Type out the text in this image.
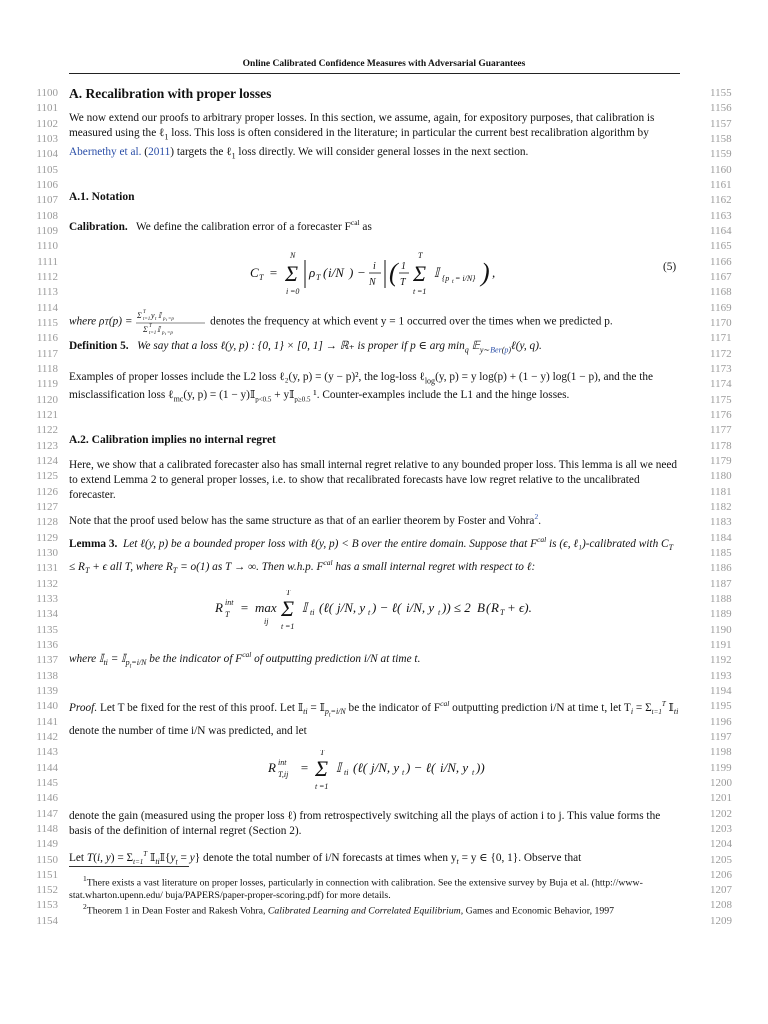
Online Calibrated Confidence Measures with Adversarial Guarantees
1100
1101
1102
1103
1104
1105
1106
1107
1108
1109
1110
1111
1112
1113
1114
1115
1116
1117
1118
1119
1120
1121
1122
1123
1124
1125
1126
1127
1128
1129
1130
1131
1132
1133
1134
1135
1136
1137
1138
1139
1140
1141
1142
1143
1144
1145
1146
1147
1148
1149
1150
1151
1152
1153
1154
1155
1156
1157
1158
1159
1160
1161
1162
1163
1164
1165
1166
1167
1168
1169
1170
1171
1172
1173
1174
1175
1176
1177
1178
1179
1180
1181
1182
1183
1184
1185
1186
1187
1188
1189
1190
1191
1192
1193
1194
1195
1196
1197
1198
1199
1200
1201
1202
1203
1204
1205
1206
1207
1208
1209
A. Recalibration with proper losses
We now extend our proofs to arbitrary proper losses. In this section, we assume, again, for expository purposes, that calibration is measured using the ℓ$_1$ loss. This loss is often considered in the literature; in particular the current best recalibration algorithm by Abernethy et al. (2011) targets the ℓ$_1$ loss directly. We will consider general losses in the next section.
A.1. Notation
Calibration. We define the calibration error of a forecaster $F^{cal}$ as
C T = Σ
N
i =0
ρ T ( i/N ) − i
N ( 1
T Σ
T
t =1
𝕀 {p t = i/N} ) ,	(5)
where ρT(p) =
Σ T
t=1 y t 𝕀 p t =p
Σ T
t=1 𝕀 p t =p
denotes the frequency at which event y = 1 occurred over the times when we predicted p.
Definition 5. We say that a loss ℓ(y, p) : {0, 1} × [0, 1] → ℝ₊ is proper if p ∈ arg $\min_q$ 𝔼$_{y\sim Ber(p)}$ℓ(y, q).
Examples of proper losses include the L2 loss ℓ₂(y, p) = (y − p)², the log-loss ℓ$_{log}$(y, p) = y log(p) + (1 − y) log(1 − p), and the the misclassification loss ℓ$_{mc}$(y, p) = (1 − y)𝕀$_{p<0.5}$ + y𝕀$_{p\ge 0.5}$ ¹. Counter-examples include the L1 and the hinge losses.
A.2. Calibration implies no internal regret
Here, we show that a calibrated forecaster also has small internal regret relative to any bounded proper loss. This lemma is all we need to extend Lemma 2 to general proper losses, i.e. to show that recalibrated forecasts have low regret relative to the uncalibrated forecaster.
Note that the proof used below has the same structure as that of an earlier theorem by Foster and Vohra$^2$.
Lemma 3. Let ℓ(y, p) be a bounded proper loss with ℓ(y, p) < B over the entire domain. Suppose that $F^{cal}$ is (ϵ, ℓ₁)-calibrated with $C_T \le R_T + \epsilon$ all T, where $R_T = o(1)$ as T → ∞. Then w.h.p. $F^{cal}$ has a small internal regret with respect to ℓ:
R int
T = max
ij
Σ
T
t =1
𝕀 ti (ℓ( j/N, y t ) − ℓ( i/N, y t )) ≤ 2 B ( R T + ϵ).
where 𝕀$_{ti}$ = 𝕀$_{p_t=i/N}$ be the indicator of $F^{cal}$ of outputting prediction i/N at time t.
Proof. Let T be fixed for the rest of this proof. Let 𝕀$_{ti}$ = 𝕀$_{p_t=i/N}$ be the indicator of $F^{cal}$ outputting prediction i/N at time t, let $T_i = \Sigma_{t=1}^T$ 𝕀$_{ti}$ denote the number of time i/N was predicted, and let
R int
T,ij = Σ
T
t =1
𝕀 ti (ℓ( j/N, y t ) − ℓ( i/N, y t ))
denote the gain (measured using the proper loss ℓ) from retrospectively switching all the plays of action i to j. This value forms the basis of the definition of internal regret (Section 2).
Let T(i, $y) = \Sigma_{t=1}^T$ $𝕀_{ti}𝕀\{y_t = y\}$ denote the total number of i/N forecasts at times when $y_t = y$ ∈ {0, 1}. Observe that
$^1$There exists a vast literature on proper losses, particularly in connection with calibration. See the extensive survey by Buja et al. (http://www-stat.wharton.upenn.edu/ buja/PAPERS/paper-proper-scoring.pdf) for more details.
$^2$Theorem 1 in Dean Foster and Rakesh Vohra, Calibrated Learning and Correlated Equilibrium, Games and Economic Behavior, 1997
